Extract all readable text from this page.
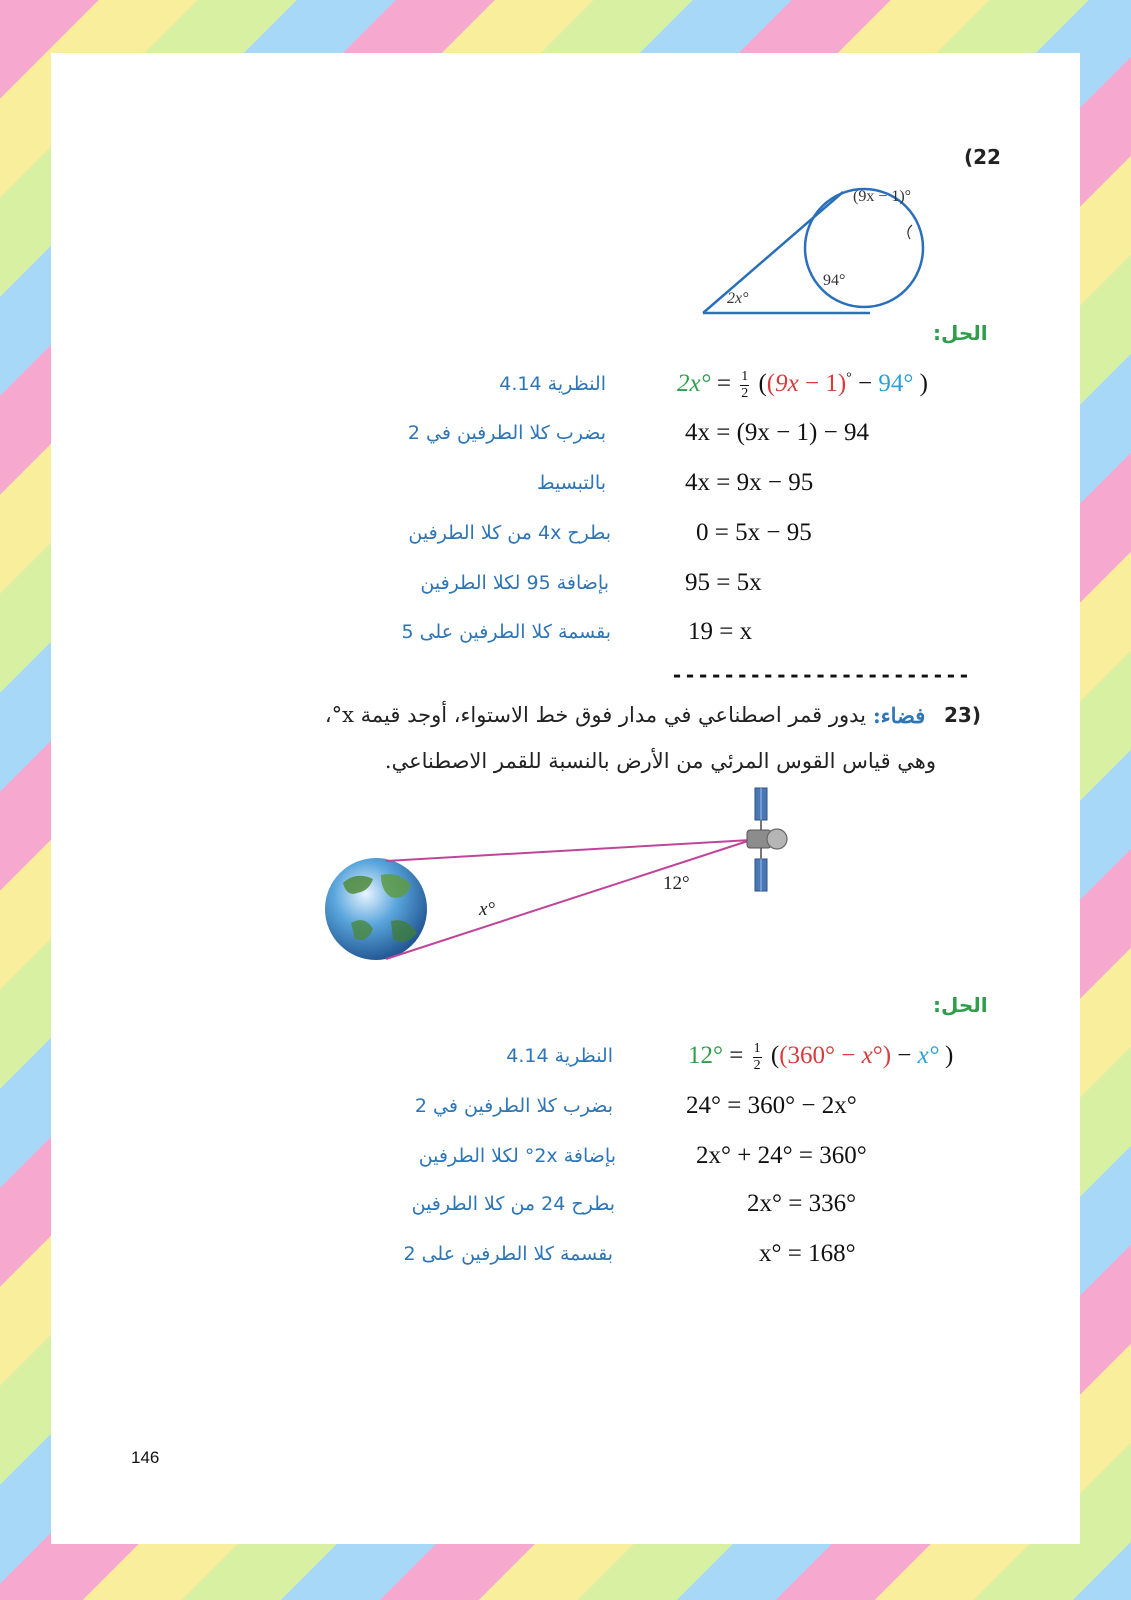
(22
(9x − 1)°
94°
2x°
الحل:
$2x^\circ = \frac{1}{2} ((9x - 1)^\circ - 94^\circ$ )
النظرية 4.14
4x = (9x − 1) − 94
بضرب كلا الطرفين في 2
4x = 9x − 95
بالتبسيط
0 = 5x − 95
بطرح 4x من كلا الطرفين
95 = 5x
بإضافة 95 لكلا الطرفين
19 = x
بقسمة كلا الطرفين على 5
-----------------------
23)
فضاء:
يدور قمر اصطناعي في مدار فوق خط الاستواء، أوجد قيمة x°،
وهي قياس القوس المرئي من الأرض بالنسبة للقمر الاصطناعي.
12°
x°
الحل:
$12^\circ = \frac{1}{2} ((360^\circ - x^\circ) - x^\circ$ )
النظرية 4.14
24° = 360° − 2x°
بضرب كلا الطرفين في 2
2x° + 24° = 360°
بإضافة 2x° لكلا الطرفين
2x° = 336°
بطرح 24 من كلا الطرفين
x° = 168°
بقسمة كلا الطرفين على 2
146
